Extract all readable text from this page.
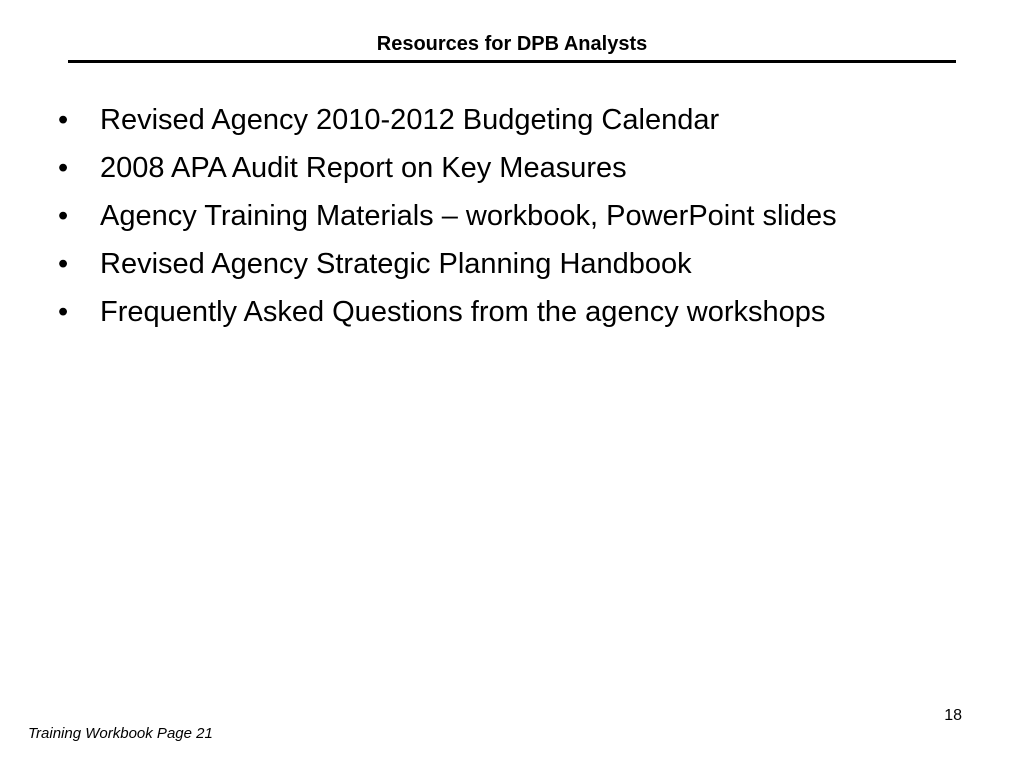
Resources for DPB Analysts
•	Revised Agency 2010-2012 Budgeting Calendar
•	2008 APA Audit Report on Key Measures
•	Agency Training Materials – workbook, PowerPoint slides
•	Revised Agency Strategic Planning Handbook
•	Frequently Asked Questions from the agency workshops
18
Training Workbook Page 21
